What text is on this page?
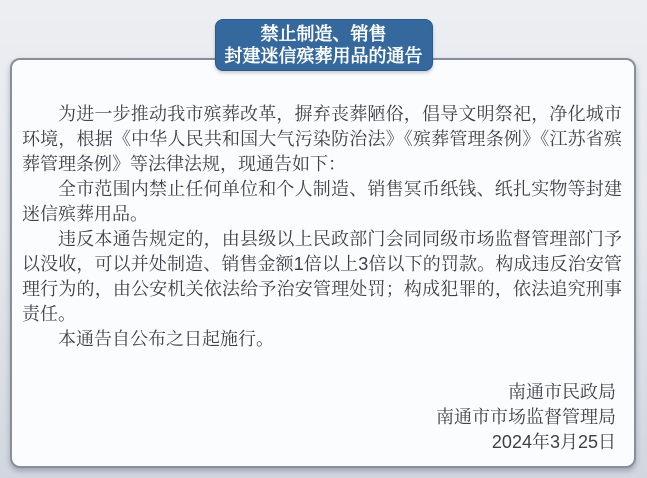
禁止制造、销售
封建迷信殡葬用品的通告

为进一步推动我市殡葬改革，摒弃丧葬陋俗，倡导文明祭祀，净化城市环境，根据《中华人民共和国大气污染防治法》《殡葬管理条例》《江苏省殡葬管理条例》等法律法规，现通告如下：

全市范围内禁止任何单位和个人制造、销售冥币纸钱、纸扎实物等封建迷信殡葬用品。

违反本通告规定的，由县级以上民政部门会同同级市场监督管理部门予以没收，可以并处制造、销售金额1倍以上3倍以下的罚款。构成违反治安管理行为的，由公安机关依法给予治安管理处罚；构成犯罪的，依法追究刑事责任。

本通告自公布之日起施行。

南通市民政局
南通市市场监督管理局
2024年3月25日
